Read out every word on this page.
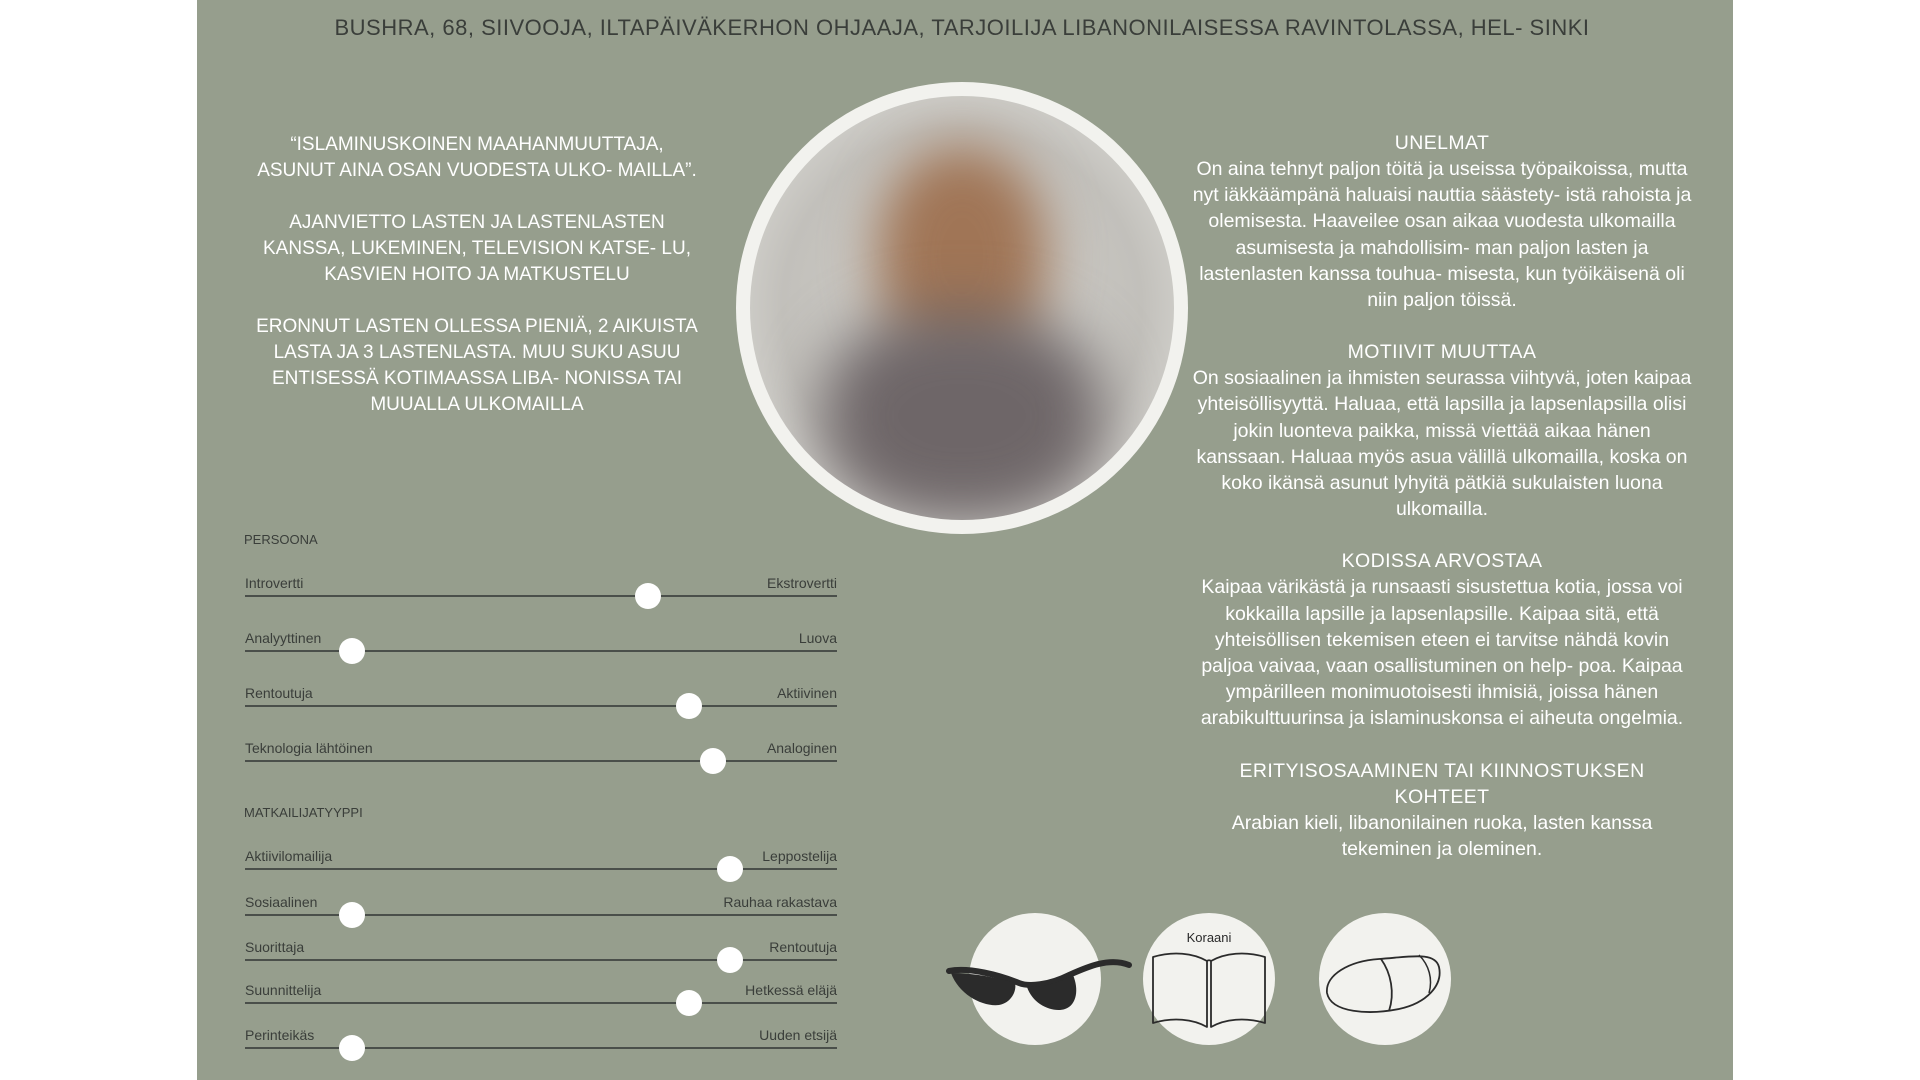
BUSHRA, 68, SIIVOOJA, ILTAPÄIVÄKERHON OHJAAJA, TARJOILIJA LIBANONILAISESSA RAVINTOLASSA, HEL- SINKI

“ISLAMINUSKOINEN MAAHANMUUTTAJA, ASUNUT AINA OSAN VUODESTA ULKO- MAILLA”.

AJANVIETTO LASTEN JA LASTENLASTEN KANSSA, LUKEMINEN, TELEVISION KATSE- LU, KASVIEN HOITO JA MATKUSTELU

ERONNUT LASTEN OLLESSA PIENIÄ, 2 AIKUISTA LASTA JA 3 LASTENLASTA. MUU SUKU ASUU ENTISESSÄ KOTIMAASSA LIBA- NONISSA TAI MUUALLA ULKOMAILLA

UNELMAT

On aina tehnyt paljon töitä ja useissa työpaikoissa, mutta nyt iäkkäämpänä haluaisi nauttia säästety- istä rahoista ja olemisesta. Haaveilee osan aikaa vuodesta ulkomailla asumisesta ja mahdollisim- man paljon lasten ja lastenlasten kanssa touhua- misesta, kun työikäisenä oli niin paljon töissä.

MOTIIVIT MUUTTAA

On sosiaalinen ja ihmisten seurassa viihtyvä, joten kaipaa yhteisöllisyyttä. Haluaa, että lapsilla ja lapsenlapsilla olisi jokin luonteva paikka, missä viettää aikaa hänen kanssaan. Haluaa myös asua välillä ulkomailla, koska on koko ikänsä asunut lyhyitä pätkiä sukulaisten luona ulkomailla.

KODISSA ARVOSTAA

Kaipaa värikästä ja runsaasti sisustettua kotia, jossa voi kokkailla lapsille ja lapsenlapsille. Kaipaa sitä, että yhteisöllisen tekemisen eteen ei tarvitse nähdä kovin paljoa vaivaa, vaan osallistuminen on help- poa. Kaipaa ympärilleen monimuotoisesti ihmisiä, joissa hänen arabikulttuurinsa ja islaminuskonsa ei aiheuta ongelmia.

ERITYISOSAAMINEN TAI KIINNOSTUKSEN KOHTEET

Arabian kieli, libanonilainen ruoka, lasten kanssa tekeminen ja oleminen.

PERSOONA
Introvertti	Ekstrovertti
Analyyttinen	Luova
Rentoutuja	Aktiivinen
Teknologia lähtöinen	Analoginen
MATKAILIJATYYPPI
Aktiivilomailija	Leppostelija
Sosiaalinen	Rauhaa rakastava
Suorittaja	Rentoutuja
Suunnittelija	Hetkessä eläjä
Perinteikäs	Uuden etsijä
Koraani
